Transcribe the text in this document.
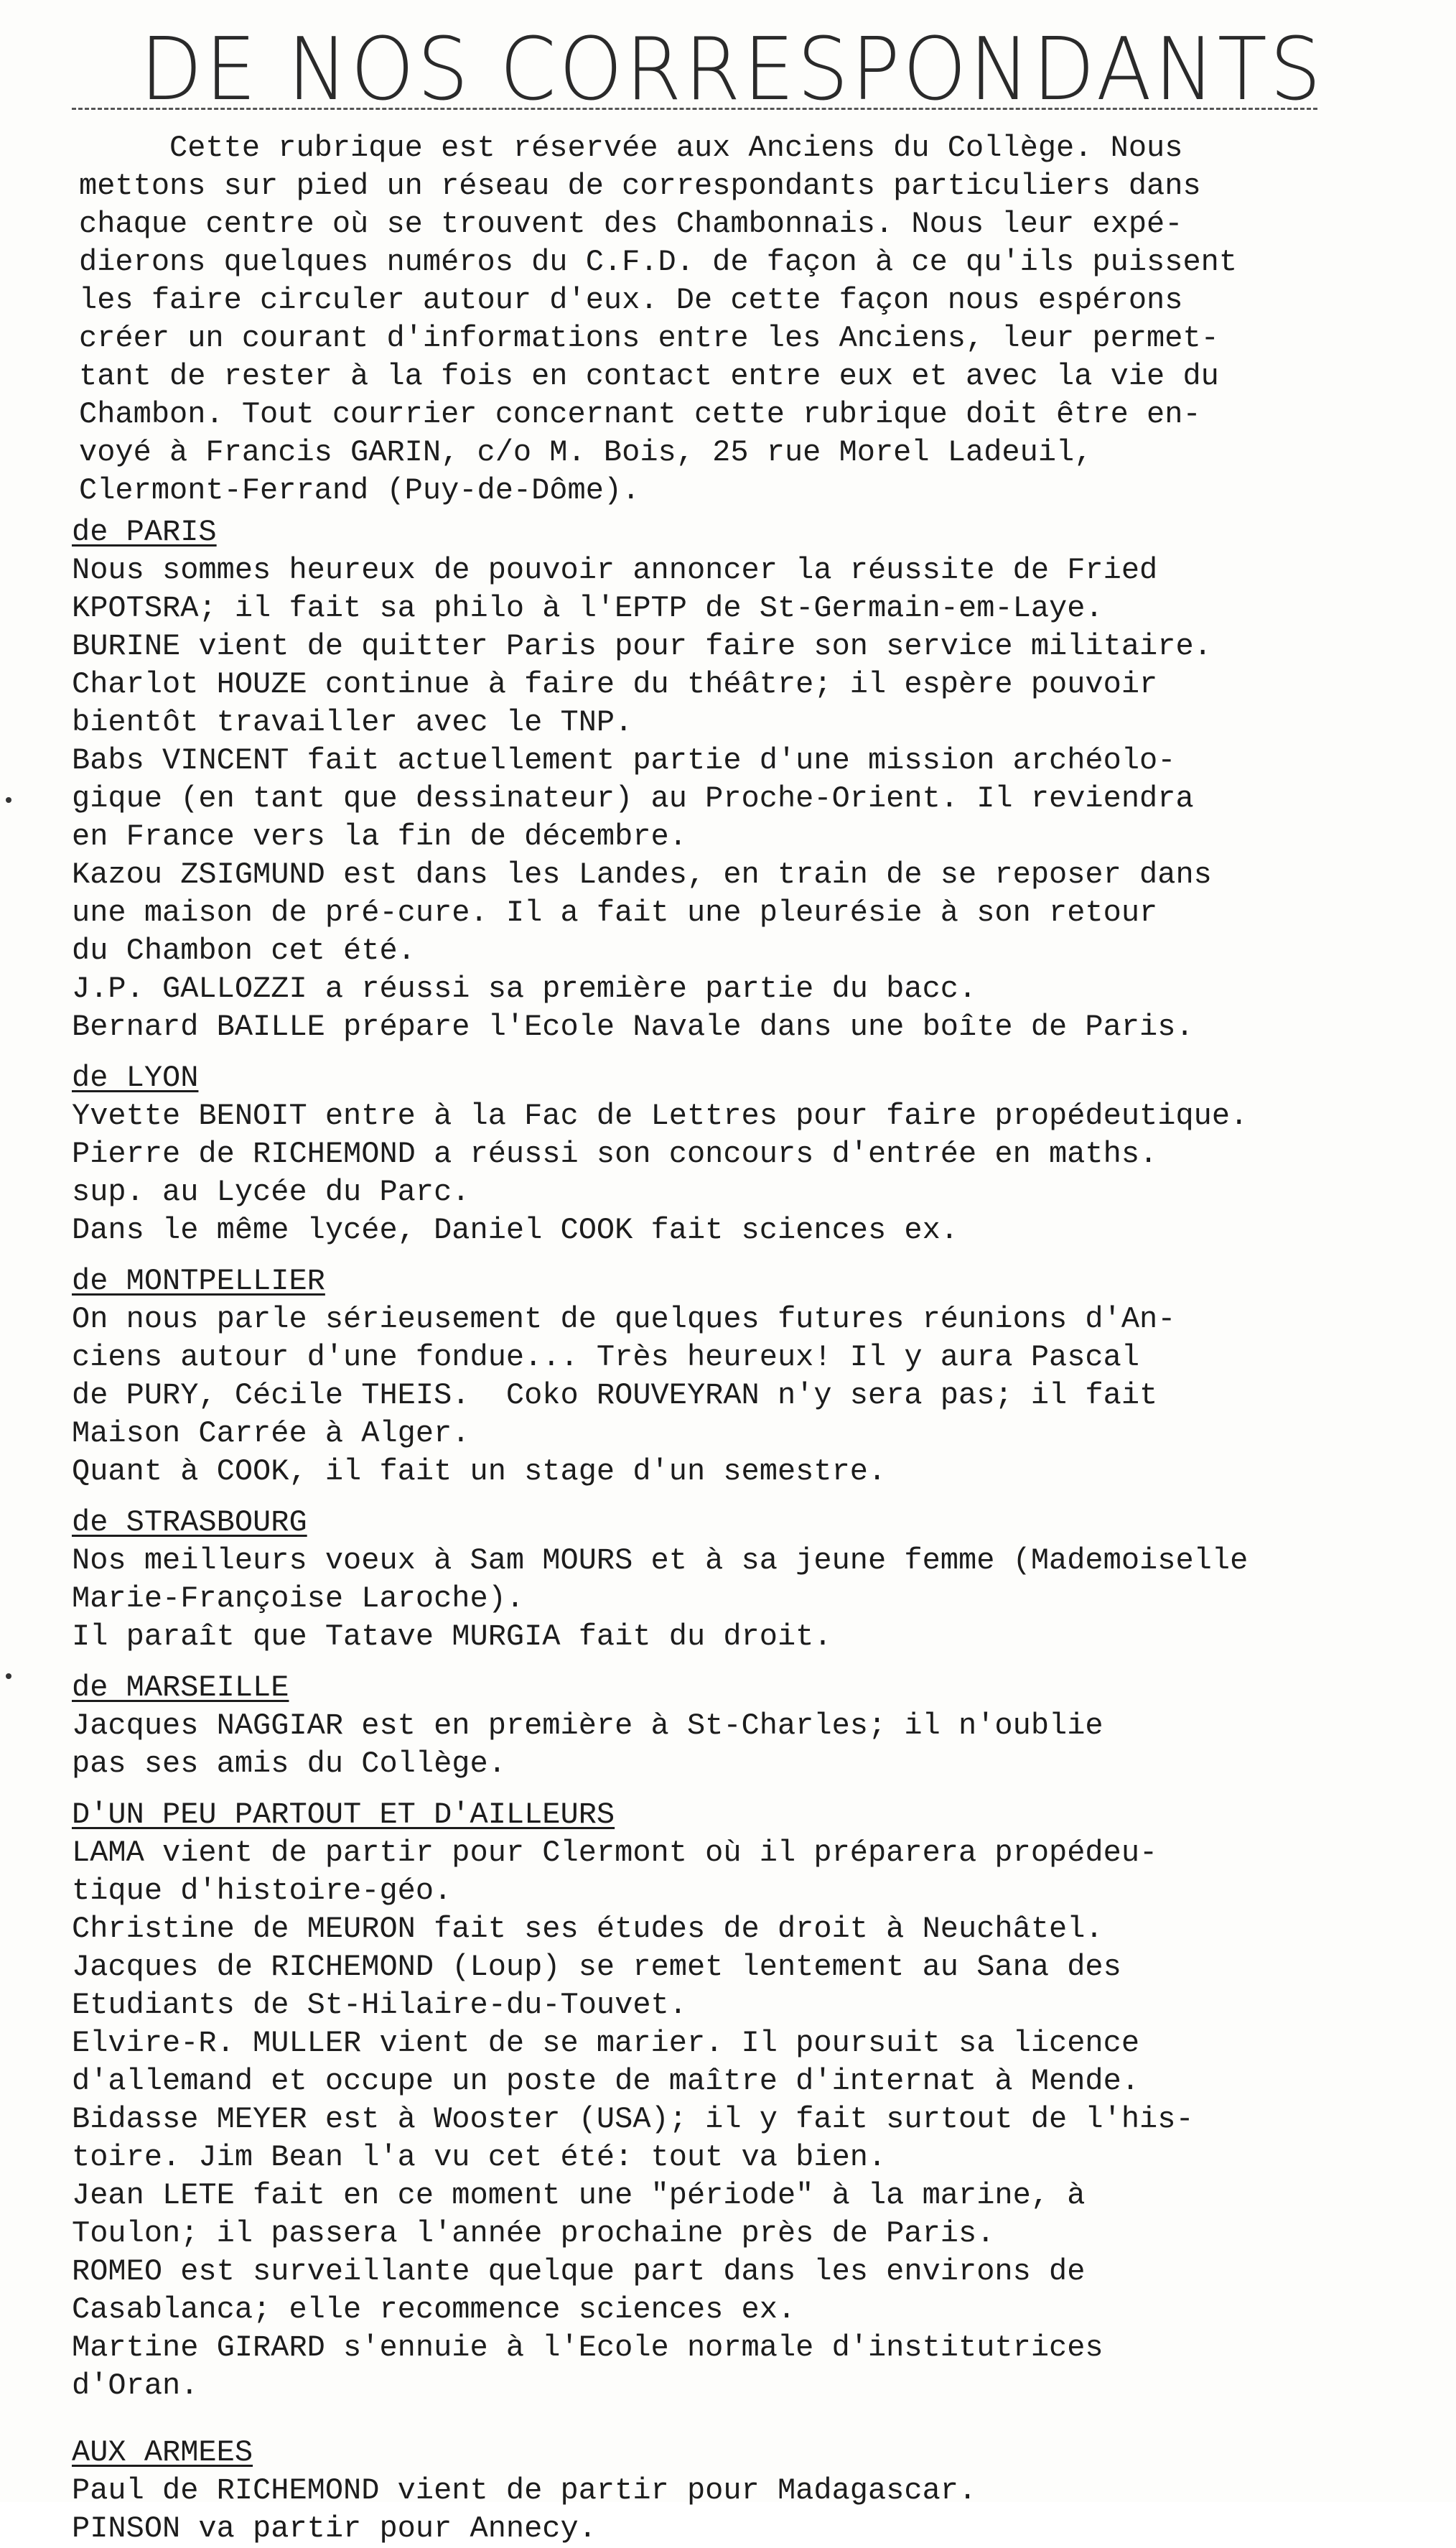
DE NOS CORRESPONDANTS
Cette rubrique est réservée aux Anciens du Collège. Nous
mettons sur pied un réseau de correspondants particuliers dans
chaque centre où se trouvent des Chambonnais. Nous leur expé-
dierons quelques numéros du C.F.D. de façon à ce qu'ils puissent
les faire circuler autour d'eux. De cette façon nous espérons
créer un courant d'informations entre les Anciens, leur permet-
tant de rester à la fois en contact entre eux et avec la vie du
Chambon. Tout courrier concernant cette rubrique doit être en-
voyé à Francis GARIN, c/o M. Bois, 25 rue Morel Ladeuil,
Clermont-Ferrand (Puy-de-Dôme).
de PARIS
Nous sommes heureux de pouvoir annoncer la réussite de Fried
KPOTSRA; il fait sa philo à l'EPTP de St-Germain-em-Laye.
BURINE vient de quitter Paris pour faire son service militaire.
Charlot HOUZE continue à faire du théâtre; il espère pouvoir
bientôt travailler avec le TNP.
Babs VINCENT fait actuellement partie d'une mission archéolo-
gique (en tant que dessinateur) au Proche-Orient. Il reviendra
en France vers la fin de décembre.
Kazou ZSIGMUND est dans les Landes, en train de se reposer dans
une maison de pré-cure. Il a fait une pleurésie à son retour
du Chambon cet été.
J.P. GALLOZZI a réussi sa première partie du bacc.
Bernard BAILLE prépare l'Ecole Navale dans une boîte de Paris.
de LYON
Yvette BENOIT entre à la Fac de Lettres pour faire propédeutique.
Pierre de RICHEMOND a réussi son concours d'entrée en maths.
sup. au Lycée du Parc.
Dans le même lycée, Daniel COOK fait sciences ex.
de MONTPELLIER
On nous parle sérieusement de quelques futures réunions d'An-
ciens autour d'une fondue... Très heureux! Il y aura Pascal
de PURY, Cécile THEIS.  Coko ROUVEYRAN n'y sera pas; il fait
Maison Carrée à Alger.
Quant à COOK, il fait un stage d'un semestre.
de STRASBOURG
Nos meilleurs voeux à Sam MOURS et à sa jeune femme (Mademoiselle
Marie-Françoise Laroche).
Il paraît que Tatave MURGIA fait du droit.
de MARSEILLE
Jacques NAGGIAR est en première à St-Charles; il n'oublie
pas ses amis du Collège.
D'UN PEU PARTOUT ET D'AILLEURS
LAMA vient de partir pour Clermont où il préparera propédeu-
tique d'histoire-géo.
Christine de MEURON fait ses études de droit à Neuchâtel.
Jacques de RICHEMOND (Loup) se remet lentement au Sana des
Etudiants de St-Hilaire-du-Touvet.
Elvire-R. MULLER vient de se marier. Il poursuit sa licence
d'allemand et occupe un poste de maître d'internat à Mende.
Bidasse MEYER est à Wooster (USA); il y fait surtout de l'his-
toire. Jim Bean l'a vu cet été: tout va bien.
Jean LETE fait en ce moment une "période" à la marine, à
Toulon; il passera l'année prochaine près de Paris.
ROMEO est surveillante quelque part dans les environs de
Casablanca; elle recommence sciences ex.
Martine GIRARD s'ennuie à l'Ecole normale d'institutrices
d'Oran.
AUX ARMEES
Paul de RICHEMOND vient de partir pour Madagascar.
PINSON va partir pour Annecy.
